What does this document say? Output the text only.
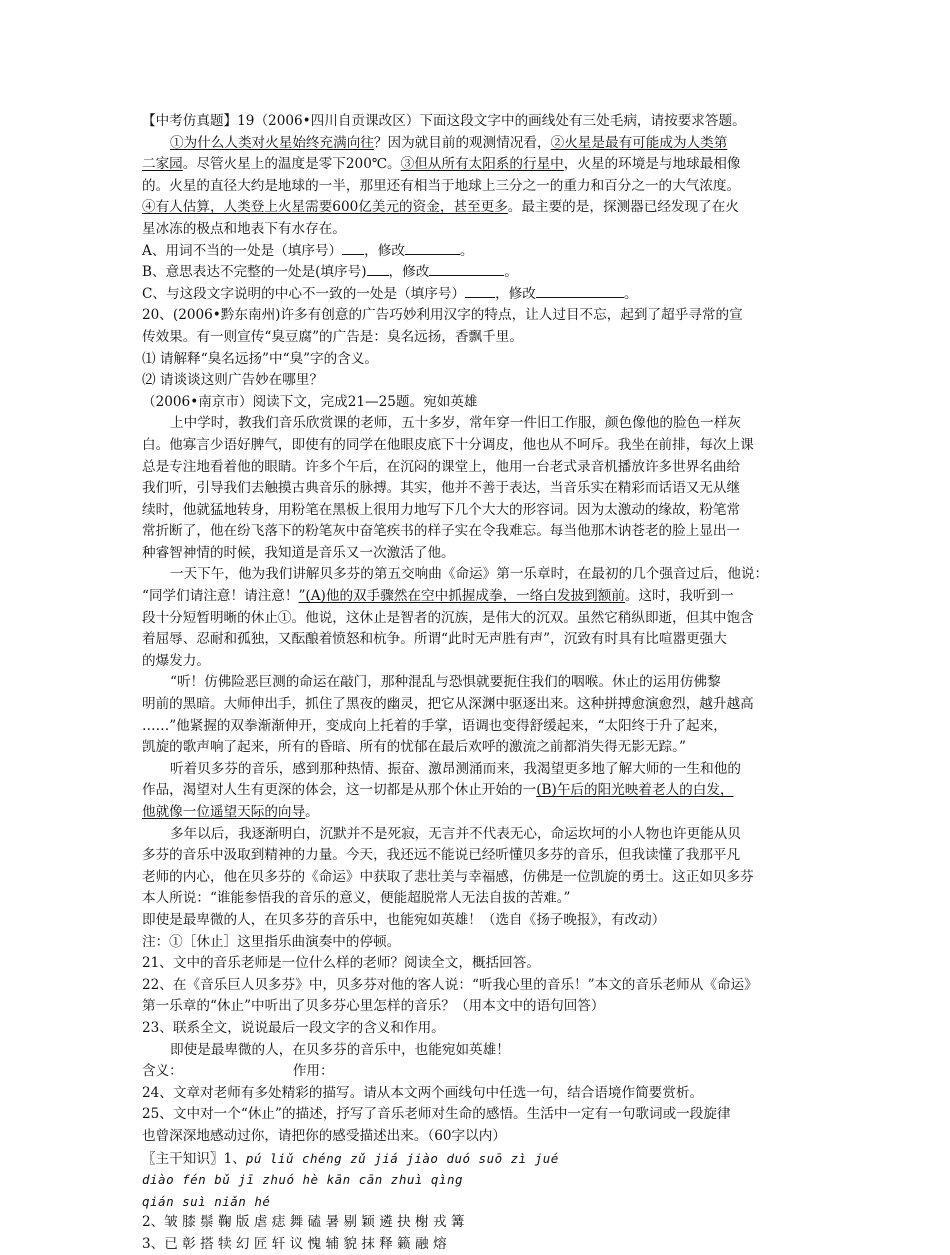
【中考仿真题】19（2006•四川自贡课改区）下面这段文字中的画线处有三处毛病，请按要求答题。
①为什么人类对火星始终充满向往？因为就目前的观测情况看，②火星是最有可能成为人类第
二家园。尽管火星上的温度是零下200℃。③但从所有太阳系的行星中，火星的环境是与地球最相像
的。火星的直径大约是地球的一半，那里还有相当于地球上三分之一的重力和百分之一的大气浓度。
④有人估算，人类登上火星需要600亿美元的资金，甚至更多。最主要的是，探测器已经发现了在火
星冰冻的极点和地表下有水存在。
A、用词不当的一处是（填序号） ，修改	。
B、意思表达不完整的一处是(填序号) ，修改	。
C、与这段文字说明的中心不一致的一处是（填序号） ，修改	。
20、(2006•黔东南州)许多有创意的广告巧妙利用汉字的特点，让人过目不忘，起到了超乎寻常的宣
传效果。有一则宣传“臭豆腐”的广告是：臭名远扬，香飘千里。
⑴ 请解释“臭名远扬”中“臭”字的含义。
⑵ 请谈谈这则广告妙在哪里？
（2006•南京市）阅读下文，完成21—25题。宛如英雄
上中学时，教我们音乐欣赏课的老师，五十多岁，常年穿一件旧工作服，颜色像他的脸色一样灰
白。他寡言少语好脾气，即使有的同学在他眼皮底下十分调皮，他也从不呵斥。我坐在前排，每次上课
总是专注地看着他的眼睛。许多个午后，在沉闷的课堂上，他用一台老式录音机播放许多世界名曲给
我们听，引导我们去触摸古典音乐的脉搏。其实，他并不善于表达，当音乐实在精彩而话语又无从继
续时，他就猛地转身，用粉笔在黑板上很用力地写下几个大大的形容词。因为太激动的缘故，粉笔常
常折断了，他在纷飞落下的粉笔灰中奋笔疾书的样子实在令我难忘。每当他那木讷苍老的脸上显出一
种睿智神情的时候，我知道是音乐又一次激活了他。
一天下午，他为我们讲解贝多芬的第五交响曲《命运》第一乐章时，在最初的几个强音过后，他说：
“同学们请注意！请注意！”(A)他的双手骤然在空中抓握成拳，一络白发披到额前。这时，我听到一
段十分短暂明晰的休止①。他说，这休止是智者的沉族，是伟大的沉双。虽然它稍纵即逝，但其中饱含
着屈辱、忍耐和孤独，又酝酿着愤怒和杭争。所谓“此时无声胜有声”，沉致有时具有比喧嚣更强大
的爆发力。
“听！仿佛险恶巨测的命运在敲门，那种混乱与恐惧就要扼住我们的咽喉。休止的运用仿佛黎
明前的黑暗。大师伸出手，抓住了黑夜的幽灵，把它从深渊中驱逐出来。这种拼搏愈演愈烈，越升越高
……”他紧握的双拳渐渐伸开，变成向上托着的手掌，语调也变得舒缓起来，“太阳终于升了起来，
凯旋的歌声响了起来，所有的昏暗、所有的忧郁在最后欢呼的激流之前都消失得无影无踪。”
听着贝多芬的音乐，感到那种热情、振奋、激昂测涌而来，我渴望更多地了解大师的一生和他的
作品，渴望对人生有更深的体会，这一切都是从那个休止开始的一(B)午后的阳光映着老人的白发，
他就像一位遥望天际的向导。
多年以后，我逐渐明白，沉默并不是死寂，无言并不代表无心，命运坎坷的小人物也许更能从贝
多芬的音乐中汲取到精神的力量。今天，我还远不能说已经听懂贝多芬的音乐，但我读懂了我那平凡
老师的内心，他在贝多芬的《命运》中获取了悲壮美与幸福感，仿佛是一位凯旋的勇士。这正如贝多芬
本人所说：“谁能参悟我的音乐的意义，便能超脱常人无法自拔的苦难。”
即使是最卑微的人，在贝多芬的音乐中，也能宛如英雄！（选自《扬子晚报》，有改动）
注：①［休止］这里指乐曲演奏中的停顿。
21、文中的音乐老师是一位什么样的老师？阅读全文，概括回答。
22、在《音乐巨人贝多芬》中，贝多芬对他的客人说：“听我心里的音乐！”本文的音乐老师从《命运》
第一乐章的“休止”中听出了贝多芬心里怎样的音乐？（用本文中的语句回答）
23、联系全文，说说最后一段文字的含义和作用。
即使是最卑微的人，在贝多芬的音乐中，也能宛如英雄！
含义：	作用：
24、文章对老师有多处精彩的描写。请从本文两个画线句中任选一句，结合语境作简要赏析。
25、文中对一个“休止”的描述，抒写了音乐老师对生命的感悟。生活中一定有一句歌词或一段旋律
也曾深深地感动过你，请把你的感受描述出来。（60字以内）
〖主干知识〗1、pú liǔ chéng zǔ jiá jiào duó suō zì jué
diào fén bǔ jī zhuó hè kān cān zhuì qìng
qián suì niǎn hé
2、皱 膝 鬃 鞠 版 虐 痣 舞 磕 暑 剔 颖 遴 抉 榭 戎 篝
3、已 彰 搭 犊 幻 匠 轩 议 愧 辅 貌 抹 释 籁 融 熔
